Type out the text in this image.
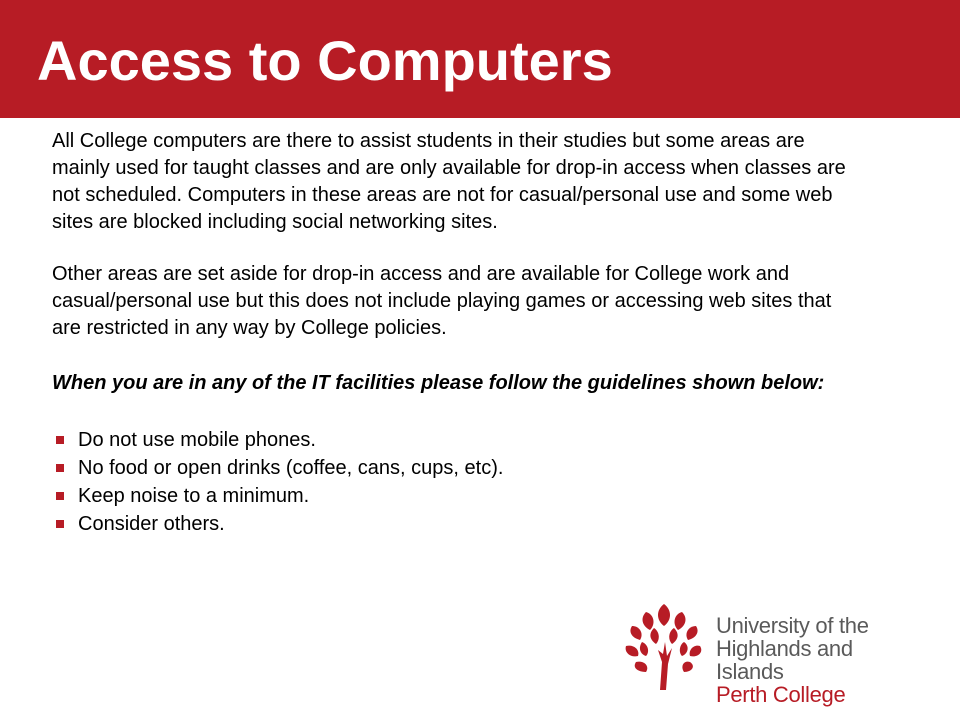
Access to Computers

All College computers are there to assist students in their studies but some areas are mainly used for taught classes and are only available for drop-in access when classes are not scheduled. Computers in these areas are not for casual/personal use and some web sites are blocked including social networking sites.

Other areas are set aside for drop-in access and are available for College work and casual/personal use but this does not include playing games or accessing web sites that are restricted in any way by College policies.

When you are in any of the IT facilities please follow the guidelines shown below:

Do not use mobile phones.
No food or open drinks (coffee, cans, cups, etc).
Keep noise to a minimum.
Consider others.
University of the
Highlands and Islands
Perth College
